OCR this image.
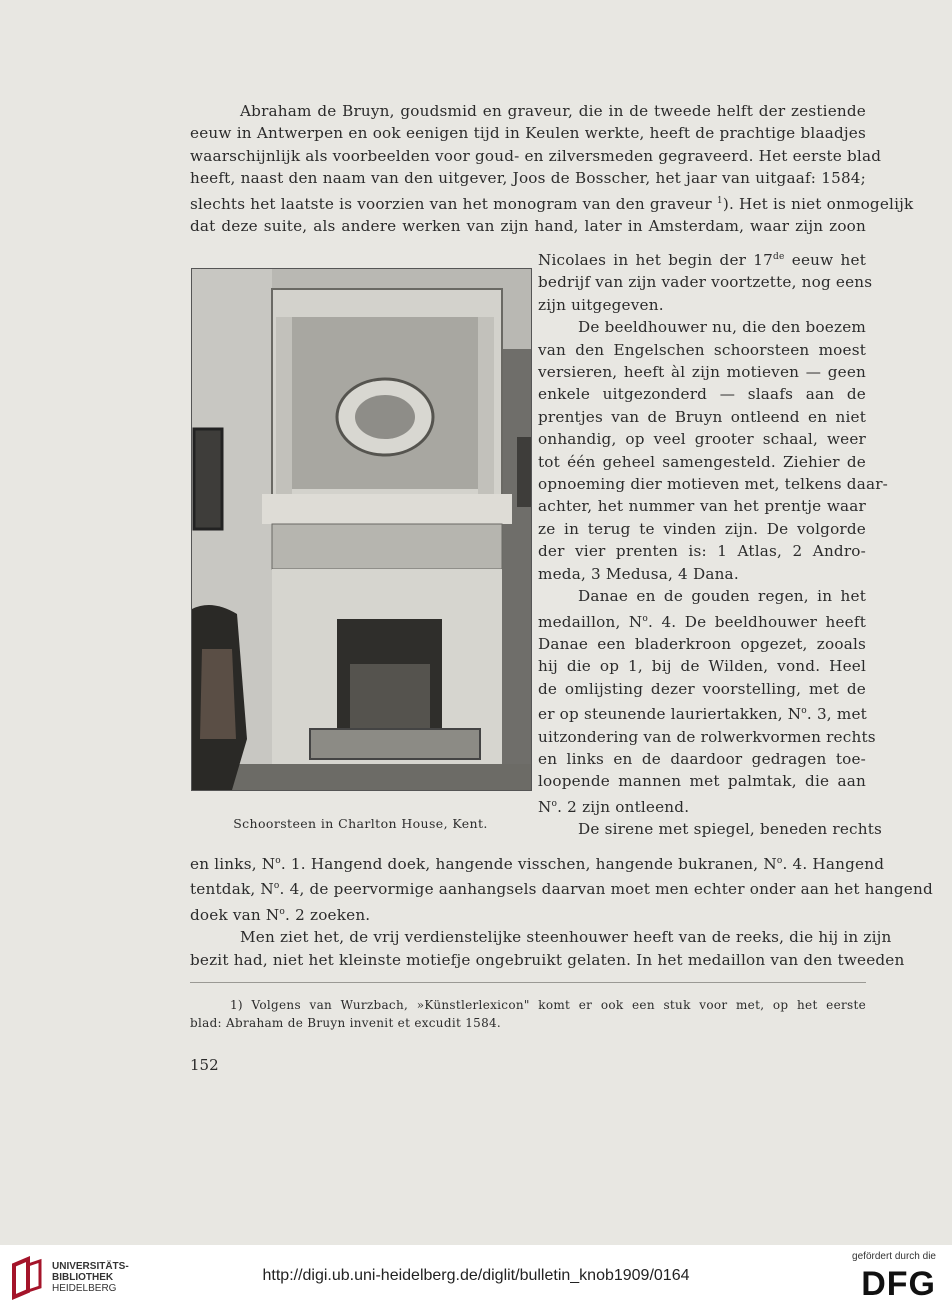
Abraham de Bruyn, goudsmid en graveur, die in de tweede helft der zestiende
eeuw in Antwerpen en ook eenigen tijd in Keulen werkte, heeft de prachtige blaadjes
waarschijnlijk als voorbeelden voor goud- en zilversmeden gegraveerd. Het eerste blad
heeft, naast den naam van den uitgever, Joos de Bosscher, het jaar van uitgaaf: 1584;
slechts het laatste is voorzien van het monogram van den graveur $^1$). Het is niet onmogelijk
dat deze suite, als andere werken van zijn hand, later in Amsterdam, waar zijn zoon
Nicolaes in het begin der 17de eeuw het
bedrijf van zijn vader voortzette, nog eens
zijn uitgegeven.
De beeldhouwer nu, die den boezem
van den Engelschen schoorsteen moest
versieren, heeft àl zijn motieven — geen
enkele uitgezonderd — slaafs aan de
prentjes van de Bruyn ontleend en niet
onhandig, op veel grooter schaal, weer
tot één geheel samengesteld. Ziehier de
opnoeming dier motieven met, telkens daar-
achter, het nummer van het prentje waar
ze in terug te vinden zijn. De volgorde
der vier prenten is: 1 Atlas, 2 Andro-
meda, 3 Medusa, 4 Dana.
Danae en de gouden regen, in het
medaillon, $N^o$. 4. De beeldhouwer heeft
Danae een bladerkroon opgezet, zooals
hij die op 1, bij de Wilden, vond. Heel
de omlijsting dezer voorstelling, met de
er op steunende lauriertakken, $N^o$. 3, met
uitzondering van de rolwerkvormen rechts
en links en de daardoor gedragen toe-
loopende mannen met palmtak, die aan
$N^o$. 2 zijn ontleend.
De sirene met spiegel, beneden rechts
en links, $N^o$. 1. Hangend doek, hangende visschen, hangende bukranen, $N^o$. 4. Hangend
tentdak, $N^o$. 4, de peervormige aanhangsels daarvan moet men echter onder aan het hangend
doek van $N^o$. 2 zoeken.
Men ziet het, de vrij verdienstelijke steenhouwer heeft van de reeks, die hij in zijn
bezit had, niet het kleinste motiefje ongebruikt gelaten. In het medaillon van den tweeden
Schoorsteen in Charlton House, Kent.
1) Volgens van Wurzbach, »Künstlerlexicon" komt er ook een stuk voor met, op het eerste
blad: Abraham de Bruyn invenit et excudit 1584.
152
UNIVERSITÄTS-
BIBLIOTHEK
HEIDELBERG
http://digi.ub.uni-heidelberg.de/diglit/bulletin_knob1909/0164
gefördert durch die
DFG
